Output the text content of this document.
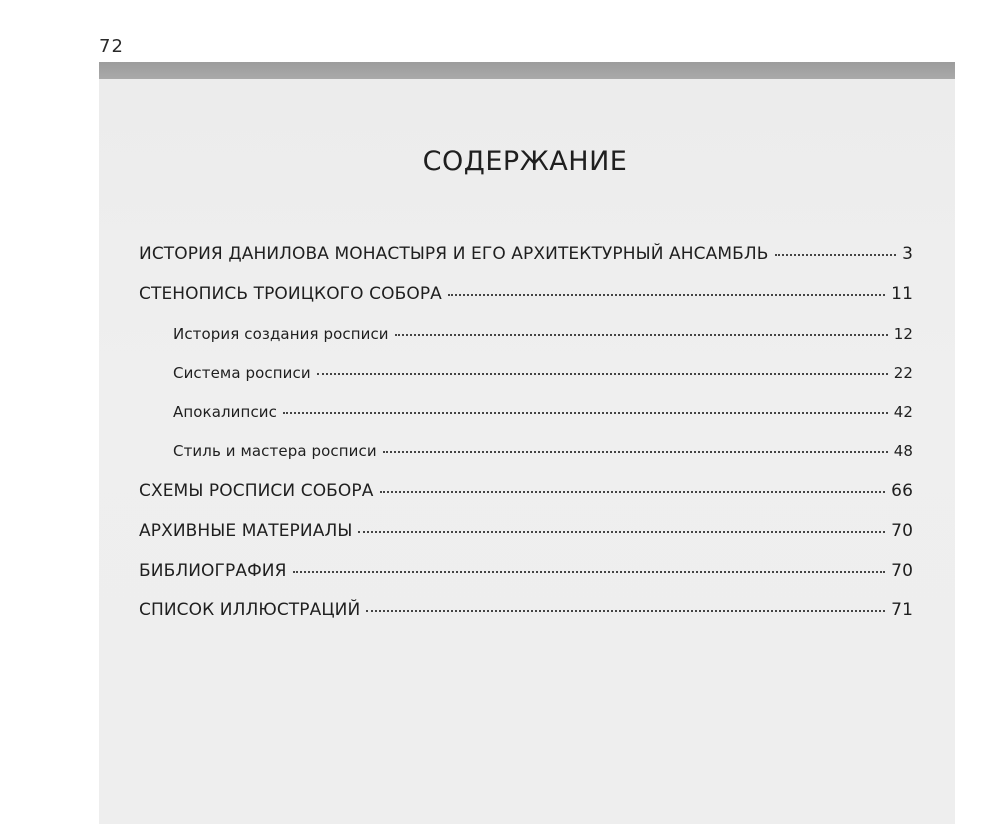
72
СОДЕРЖАНИЕ
ИСТОРИЯ ДАНИЛОВА МОНАСТЫРЯ И ЕГО АРХИТЕКТУРНЫЙ АНСАМБЛЬ	3
СТЕНОПИСЬ ТРОИЦКОГО СОБОРА	11
История создания росписи	12
Система росписи	22
Апокалипсис	42
Стиль и мастера росписи	48
СХЕМЫ РОСПИСИ СОБОРА	66
АРХИВНЫЕ МАТЕРИАЛЫ	70
БИБЛИОГРАФИЯ	70
СПИСОК ИЛЛЮСТРАЦИЙ	71
